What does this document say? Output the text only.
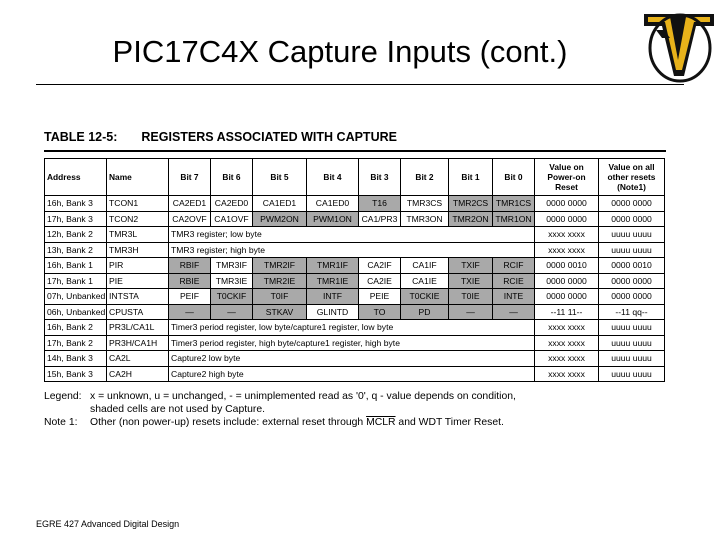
PIC17C4X Capture Inputs (cont.)
TABLE 12-5: REGISTERS ASSOCIATED WITH CAPTURE
Address	Name	Bit 7	Bit 6	Bit 5	Bit 4	Bit 3	Bit 2	Bit 1	Bit 0	Value on Power-on Reset	Value on all other resets (Note1)
16h, Bank 3	TCON1	CA2ED1	CA2ED0	CA1ED1	CA1ED0	T16	TMR3CS	TMR2CS	TMR1CS	0000 0000	0000 0000
17h, Bank 3	TCON2	CA2OVF	CA1OVF	PWM2ON	PWM1ON	CA1/PR3	TMR3ON	TMR2ON	TMR1ON	0000 0000	0000 0000
12h, Bank 2	TMR3L	TMR3 register; low byte								xxxx xxxx	uuuu uuuu
13h, Bank 2	TMR3H	TMR3 register; high byte								xxxx xxxx	uuuu uuuu
16h, Bank 1	PIR	RBIF	TMR3IF	TMR2IF	TMR1IF	CA2IF	CA1IF	TXIF	RCIF	0000 0010	0000 0010
17h, Bank 1	PIE	RBIE	TMR3IE	TMR2IE	TMR1IE	CA2IE	CA1IE	TXIE	RCIE	0000 0000	0000 0000
07h, Unbanked	INTSTA	PEIF	T0CKIF	T0IF	INTF	PEIE	T0CKIE	T0IE	INTE	0000 0000	0000 0000
06h, Unbanked	CPUSTA	—	—	STKAV	GLINTD	TO	PD	—	—	--11 11--	--11 qq--
16h, Bank 2	PR3L/CA1L	Timer3 period register, low byte/capture1 register, low byte								xxxx xxxx	uuuu uuuu
17h, Bank 2	PR3H/CA1H	Timer3 period register, high byte/capture1 register, high byte								xxxx xxxx	uuuu uuuu
14h, Bank 3	CA2L	Capture2 low byte								xxxx xxxx	uuuu uuuu
15h, Bank 3	CA2H	Capture2 high byte								xxxx xxxx	uuuu uuuu
Legend: x = unknown, u = unchanged, - = unimplemented read as '0', q - value depends on condition,
shaded cells are not used by Capture.
Note 1:	Other (non power-up) resets include: external reset through MCLR and WDT Timer Reset.
EGRE 427 Advanced Digital Design
